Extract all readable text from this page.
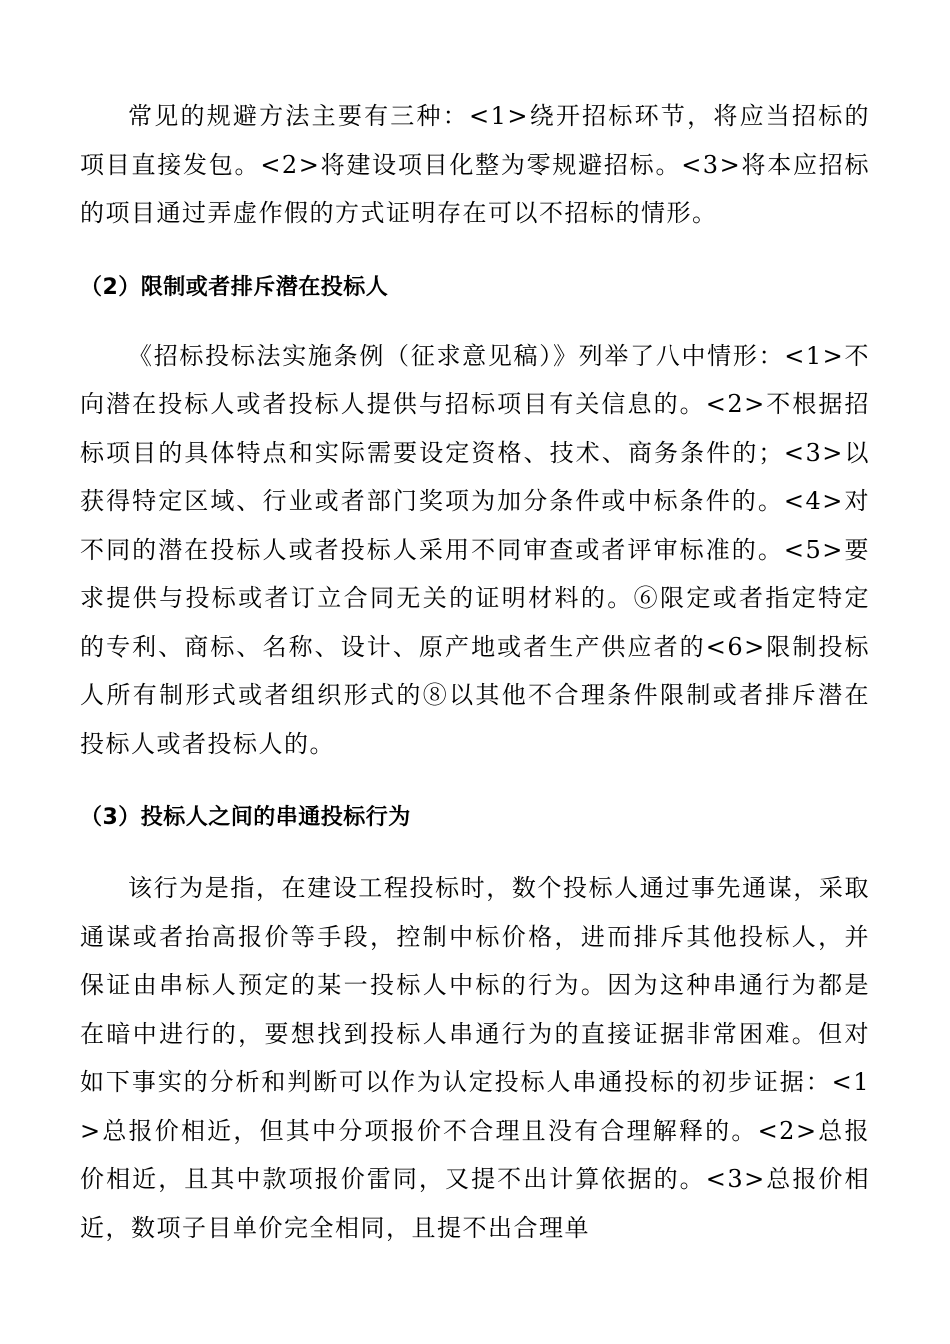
常见的规避方法主要有三种：<1>绕开招标环节，将应当招标的项目直接发包。<2>将建设项目化整为零规避招标。<3>将本应招标的项目通过弄虚作假的方式证明存在可以不招标的情形。

（2）限制或者排斥潜在投标人

《招标投标法实施条例（征求意见稿）》列举了八中情形：<1>不向潜在投标人或者投标人提供与招标项目有关信息的。<2>不根据招标项目的具体特点和实际需要设定资格、技术、商务条件的；<3>以获得特定区域、行业或者部门奖项为加分条件或中标条件的。<4>对不同的潜在投标人或者投标人采用不同审查或者评审标准的。<5>要求提供与投标或者订立合同无关的证明材料的。⑥限定或者指定特定的专利、商标、名称、设计、原产地或者生产供应者的<6>限制投标人所有制形式或者组织形式的⑧以其他不合理条件限制或者排斥潜在投标人或者投标人的。

（3）投标人之间的串通投标行为

该行为是指，在建设工程投标时，数个投标人通过事先通谋，采取通谋或者抬高报价等手段，控制中标价格，进而排斥其他投标人，并保证由串标人预定的某一投标人中标的行为。因为这种串通行为都是在暗中进行的，要想找到投标人串通行为的直接证据非常困难。但对如下事实的分析和判断可以作为认定投标人串通投标的初步证据：<1>总报价相近，但其中分项报价不合理且没有合理解释的。<2>总报价相近，且其中款项报价雷同，又提不出计算依据的。<3>总报价相近，数项子目单价完全相同，且提不出合理单
